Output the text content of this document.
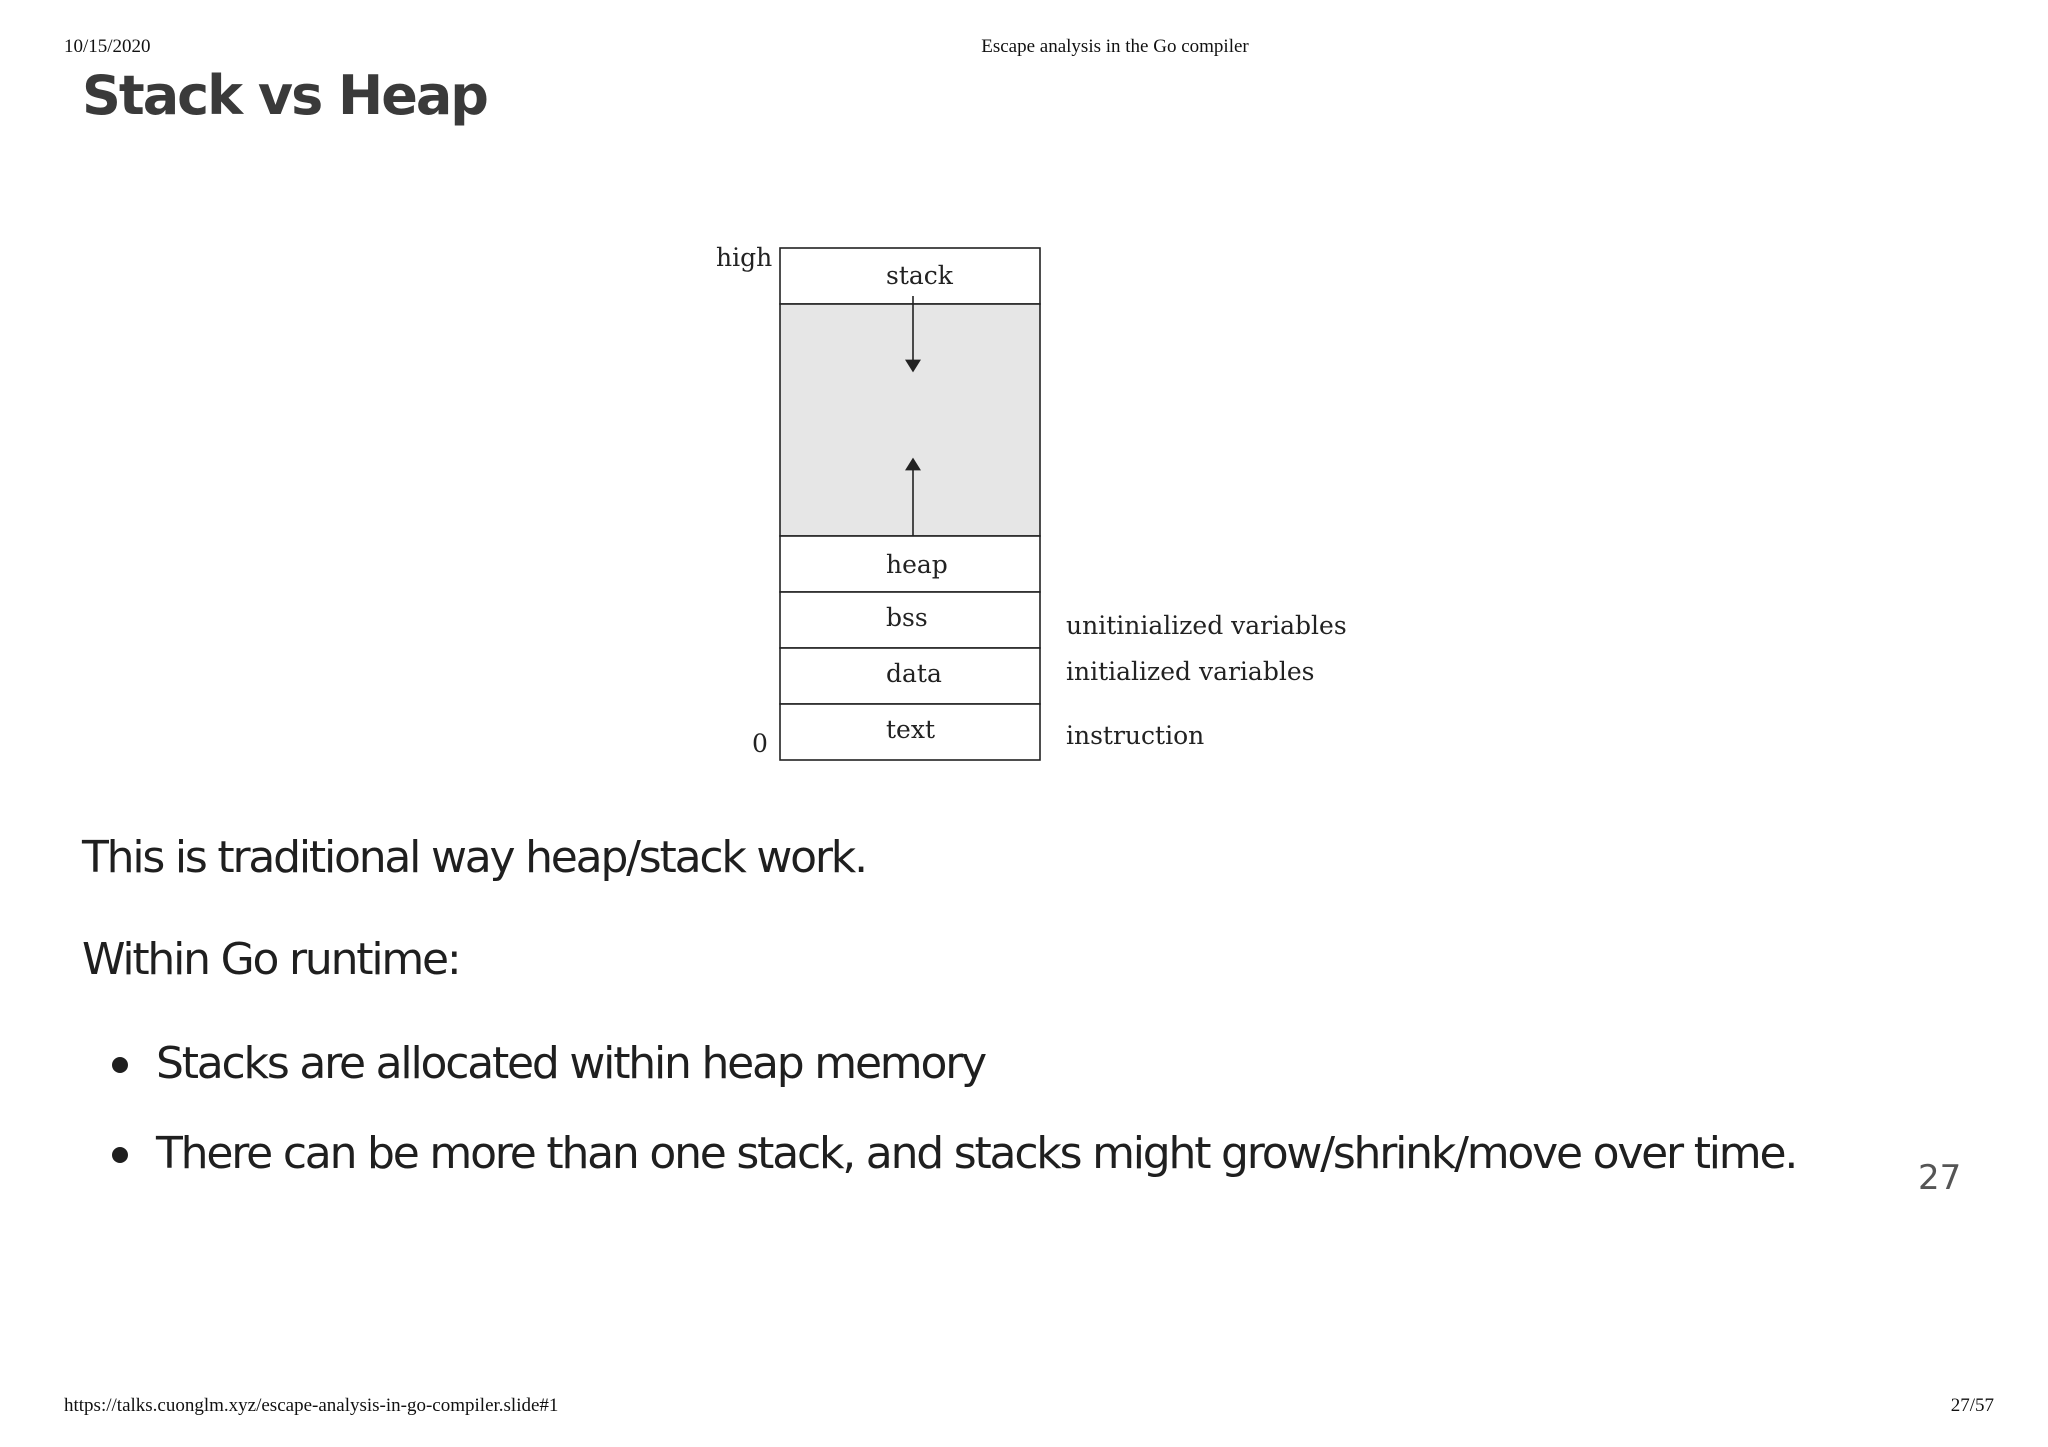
10/15/2020	Escape analysis in the Go compiler
Stack vs Heap
stack
heap
bss
data
text
high
0
unitinialized variables
initialized variables
instruction

This is traditional way heap/stack work.

Within Go runtime:

Stacks are allocated within heap memory
There can be more than one stack, and stacks might grow/shrink/move over time.	27
https://talks.cuonglm.xyz/escape-analysis-in-go-compiler.slide#1	27/57
